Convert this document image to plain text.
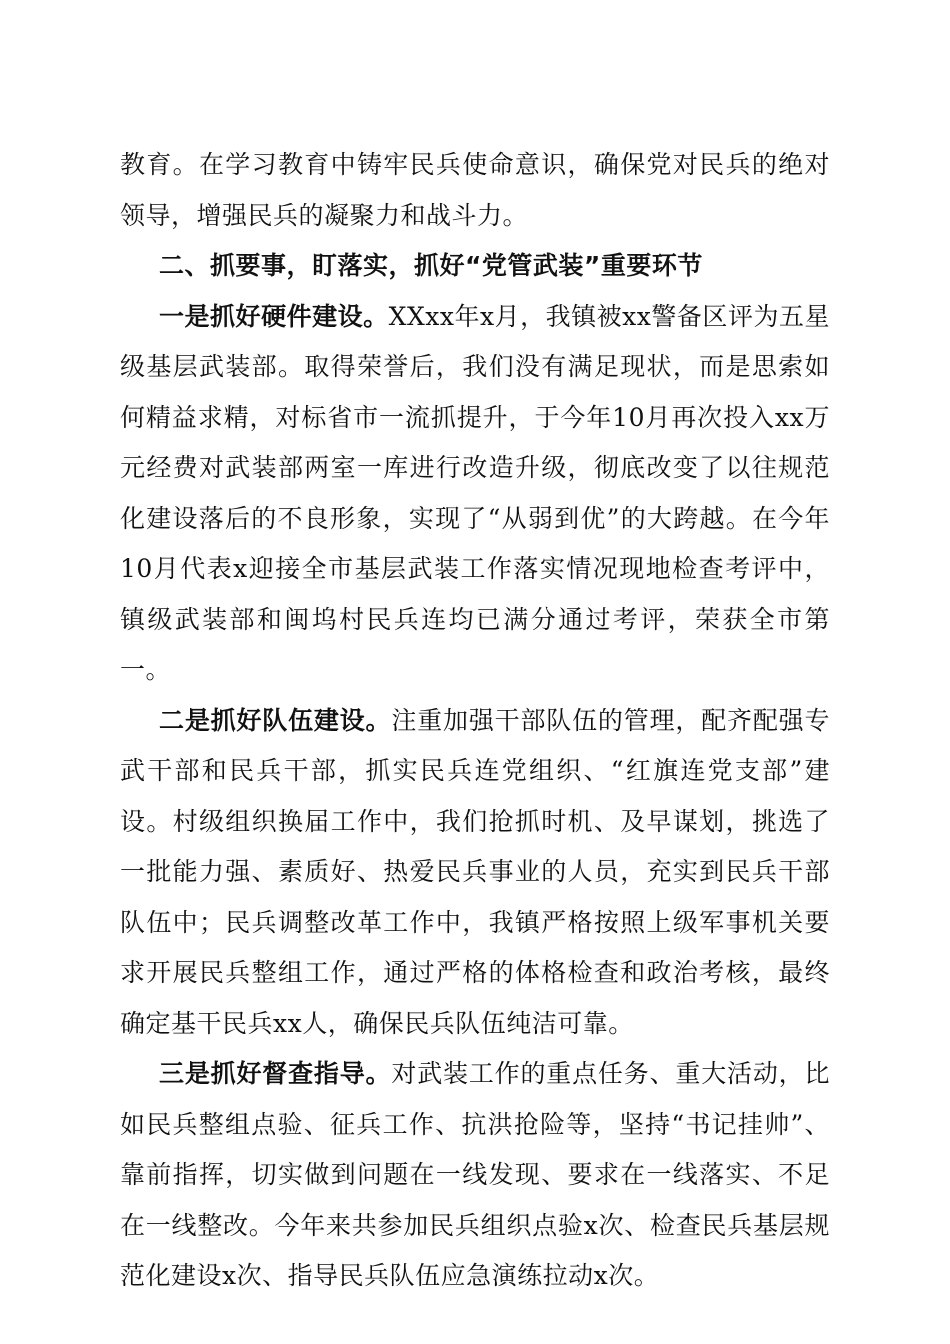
教育。在学习教育中铸牢民兵使命意识，确保党对民兵的绝对领导，增强民兵的凝聚力和战斗力。

二、抓要事，盯落实，抓好“党管武装”重要环节

一是抓好硬件建设。XXxx年x月，我镇被xx警备区评为五星级基层武装部。取得荣誉后，我们没有满足现状，而是思索如何精益求精，对标省市一流抓提升，于今年10月再次投入xx万元经费对武装部两室一库进行改造升级，彻底改变了以往规范化建设落后的不良形象，实现了“从弱到优”的大跨越。在今年10月代表x迎接全市基层武装工作落实情况现地检查考评中，镇级武装部和闽坞村民兵连均已满分通过考评，荣获全市第一。

二是抓好队伍建设。注重加强干部队伍的管理，配齐配强专武干部和民兵干部，抓实民兵连党组织、“红旗连党支部”建设。村级组织换届工作中，我们抢抓时机、及早谋划，挑选了一批能力强、素质好、热爱民兵事业的人员，充实到民兵干部队伍中；民兵调整改革工作中，我镇严格按照上级军事机关要求开展民兵整组工作，通过严格的体格检查和政治考核，最终确定基干民兵xx人，确保民兵队伍纯洁可靠。

三是抓好督查指导。对武装工作的重点任务、重大活动，比如民兵整组点验、征兵工作、抗洪抢险等，坚持“书记挂帅”、靠前指挥，切实做到问题在一线发现、要求在一线落实、不足在一线整改。今年来共参加民兵组织点验x次、检查民兵基层规范化建设x次、指导民兵队伍应急演练拉动x次。
